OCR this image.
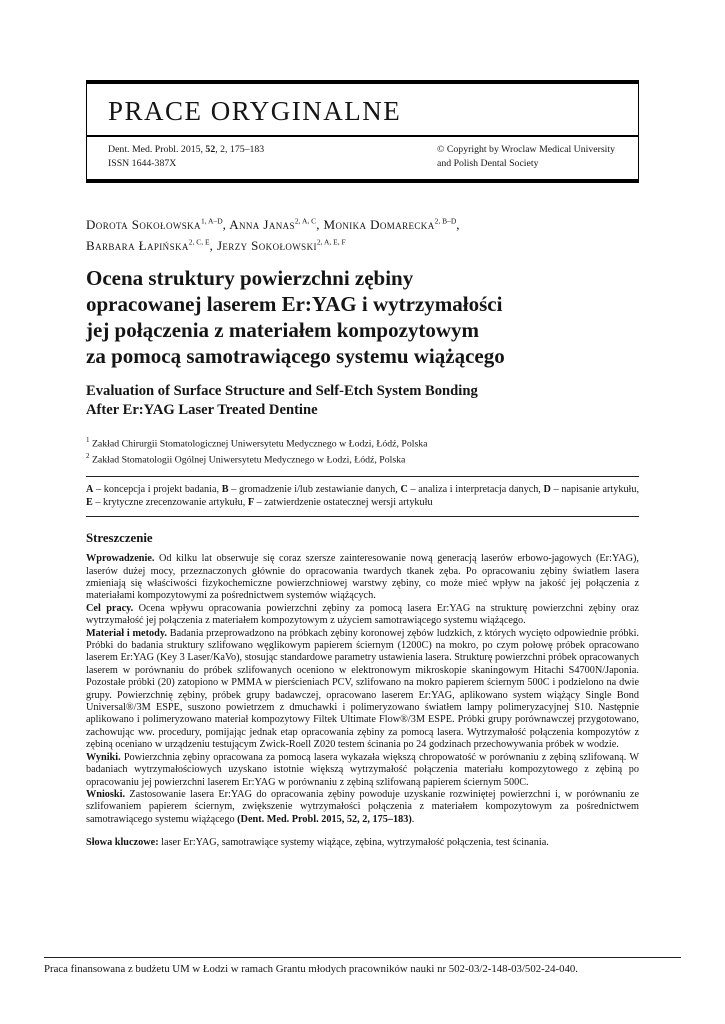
PRACE ORYGINALNE
Dent. Med. Probl. 2015, 52, 2, 175–183
ISSN 1644-387X
© Copyright by Wroclaw Medical University
and Polish Dental Society

Dorota Sokołowska$^{1, A-D}$, Anna Janas$^{2, A, C}$, Monika Domarecka$^{2, B-D}$,
Barbara Łapińska$^{2, C, E}$, Jerzy Sokołowski$^{2, A, E, F}$

Ocena struktury powierzchni zębiny
opracowanej laserem Er:YAG i wytrzymałości
jej połączenia z materiałem kompozytowym
za pomocą samotrawiącego systemu wiążącego
Evaluation of Surface Structure and Self-Etch System Bonding
After Er:YAG Laser Treated Dentine
$^1$ Zakład Chirurgii Stomatologicznej Uniwersytetu Medycznego w Łodzi, Łódź, Polska
$^2$ Zakład Stomatologii Ogólnej Uniwersytetu Medycznego w Łodzi, Łódź, Polska
A – koncepcja i projekt badania, B – gromadzenie i/lub zestawianie danych, C – analiza i interpretacja danych, D – napisanie artykułu, E – krytyczne zrecenzowanie artykułu, F – zatwierdzenie ostatecznej wersji artykułu
Streszczenie

Wprowadzenie. Od kilku lat obserwuje się coraz szersze zainteresowanie nową generacją laserów erbowo-jagowych (Er:YAG), laserów dużej mocy, przeznaczonych głównie do opracowania twardych tkanek zęba. Po opracowaniu zębiny światłem lasera zmieniają się właściwości fizykochemiczne powierzchniowej warstwy zębiny, co może mieć wpływ na jakość jej połączenia z materiałami kompozytowymi za pośrednictwem systemów wiążących.

Cel pracy. Ocena wpływu opracowania powierzchni zębiny za pomocą lasera Er:YAG na strukturę powierzchni zębiny oraz wytrzymałość jej połączenia z materiałem kompozytowym z użyciem samotrawiącego systemu wiążącego.

Materiał i metody. Badania przeprowadzono na próbkach zębiny koronowej zębów ludzkich, z których wycięto odpowiednie próbki. Próbki do badania struktury szlifowano węglikowym papierem ściernym (1200C) na mokro, po czym połowę próbek opracowano laserem Er:YAG (Key 3 Laser/KaVo), stosując standardowe parametry ustawienia lasera. Strukturę powierzchni próbek opracowanych laserem w porównaniu do próbek szlifowanych oceniono w elektronowym mikroskopie skaningowym Hitachi S4700N/Japonia. Pozostałe próbki (20) zatopiono w PMMA w pierścieniach PCV, szlifowano na mokro papierem ściernym 500C i podzielono na dwie grupy. Powierzchnię zębiny, próbek grupy badawczej, opracowano laserem Er:YAG, aplikowano system wiążący Single Bond Universal®/3M ESPE, suszono powietrzem z dmuchawki i polimeryzowano światłem lampy polimeryzacyjnej S10. Następnie aplikowano i polimeryzowano materiał kompozytowy Filtek Ultimate Flow®/3M ESPE. Próbki grupy porównawczej przygotowano, zachowując ww. procedury, pomijając jednak etap opracowania zębiny za pomocą lasera. Wytrzymałość połączenia kompozytów z zębiną oceniano w urządzeniu testującym Zwick-Roell Z020 testem ścinania po 24 godzinach przechowywania próbek w wodzie.

Wyniki. Powierzchnia zębiny opracowana za pomocą lasera wykazała większą chropowatość w porównaniu z zębiną szlifowaną. W badaniach wytrzymałościowych uzyskano istotnie większą wytrzymałość połączenia materiału kompozytowego z zębiną po opracowaniu jej powierzchni laserem Er:YAG w porównaniu z zębiną szlifowaną papierem ściernym 500C.

Wnioski. Zastosowanie lasera Er:YAG do opracowania zębiny powoduje uzyskanie rozwiniętej powierzchni i, w porównaniu ze szlifowaniem papierem ściernym, zwiększenie wytrzymałości połączenia z materiałem kompozytowym za pośrednictwem samotrawiącego systemu wiążącego (Dent. Med. Probl. 2015, 52, 2, 175–183).

Słowa kluczowe: laser Er:YAG, samotrawiące systemy wiążące, zębina, wytrzymałość połączenia, test ścinania.

Praca finansowana z budżetu UM w Łodzi w ramach Grantu młodych pracowników nauki nr 502-03/2-148-03/502-24-040.
